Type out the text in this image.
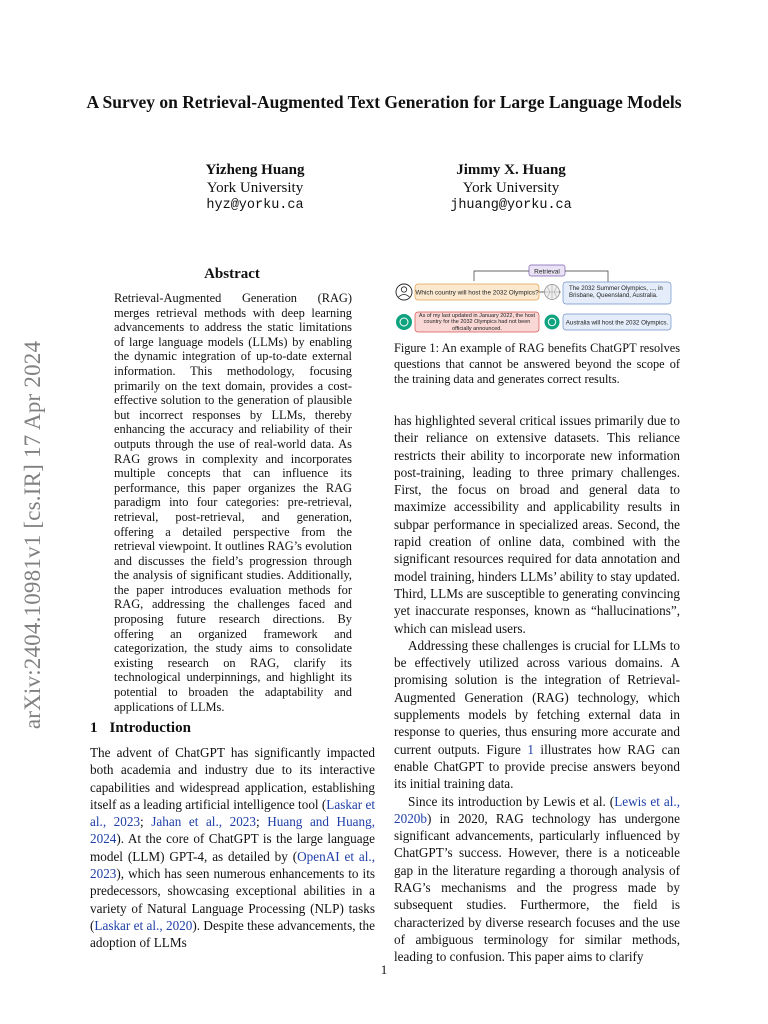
arXiv:2404.10981v1 [cs.IR] 17 Apr 2024
A Survey on Retrieval-Augmented Text Generation for Large Language Models
Yizheng Huang
York University
hyz@yorku.ca
Jimmy X. Huang
York University
jhuang@yorku.ca
Abstract
Retrieval-Augmented Generation (RAG) merges retrieval methods with deep learning advancements to address the static limitations of large language models (LLMs) by enabling the dynamic integration of up-to-date external information. This methodology, focusing primarily on the text domain, provides a cost-effective solution to the generation of plausible but incorrect responses by LLMs, thereby enhancing the accuracy and reliability of their outputs through the use of real-world data. As RAG grows in complexity and incorporates multiple concepts that can influence its performance, this paper organizes the RAG paradigm into four categories: pre-retrieval, retrieval, post-retrieval, and generation, offering a detailed perspective from the retrieval viewpoint. It outlines RAG’s evolution and discusses the field’s progression through the analysis of significant studies. Additionally, the paper introduces evaluation methods for RAG, addressing the challenges faced and proposing future research directions. By offering an organized framework and categorization, the study aims to consolidate existing research on RAG, clarify its technological underpinnings, and highlight its potential to broaden the adaptability and applications of LLMs.
1 Introduction

The advent of ChatGPT has significantly impacted both academia and industry due to its interactive capabilities and widespread application, establishing itself as a leading artificial intelligence tool (Laskar et al., 2023; Jahan et al., 2023; Huang and Huang, 2024). At the core of ChatGPT is the large language model (LLM) GPT-4, as detailed by (OpenAI et al., 2023), which has seen numerous enhancements to its predecessors, showcasing exceptional abilities in a variety of Natural Language Processing (NLP) tasks (Laskar et al., 2020). Despite these advancements, the adoption of LLMs

Retrieval
Which country will host the 2032 Olympics?
The 2032 Summer Olympics, ..., in Brisbane, Queensland, Australia.
As of my last updated in January 2022, the host country for the 2032 Olympics had not been officially announced.
Australia will host the 2032 Olympics.
Figure 1: An example of RAG benefits ChatGPT resolves questions that cannot be answered beyond the scope of the training data and generates correct results.

has highlighted several critical issues primarily due to their reliance on extensive datasets. This reliance restricts their ability to incorporate new information post-training, leading to three primary challenges. First, the focus on broad and general data to maximize accessibility and applicability results in subpar performance in specialized areas. Second, the rapid creation of online data, combined with the significant resources required for data annotation and model training, hinders LLMs’ ability to stay updated. Third, LLMs are susceptible to generating convincing yet inaccurate responses, known as “hallucinations”, which can mislead users.

Addressing these challenges is crucial for LLMs to be effectively utilized across various domains. A promising solution is the integration of Retrieval-Augmented Generation (RAG) technology, which supplements models by fetching external data in response to queries, thus ensuring more accurate and current outputs. Figure 1 illustrates how RAG can enable ChatGPT to provide precise answers beyond its initial training data.

Since its introduction by Lewis et al. (Lewis et al., 2020b) in 2020, RAG technology has undergone significant advancements, particularly influenced by ChatGPT’s success. However, there is a noticeable gap in the literature regarding a thorough analysis of RAG’s mechanisms and the progress made by subsequent studies. Furthermore, the field is characterized by diverse research focuses and the use of ambiguous terminology for similar methods, leading to confusion. This paper aims to clarify

1
